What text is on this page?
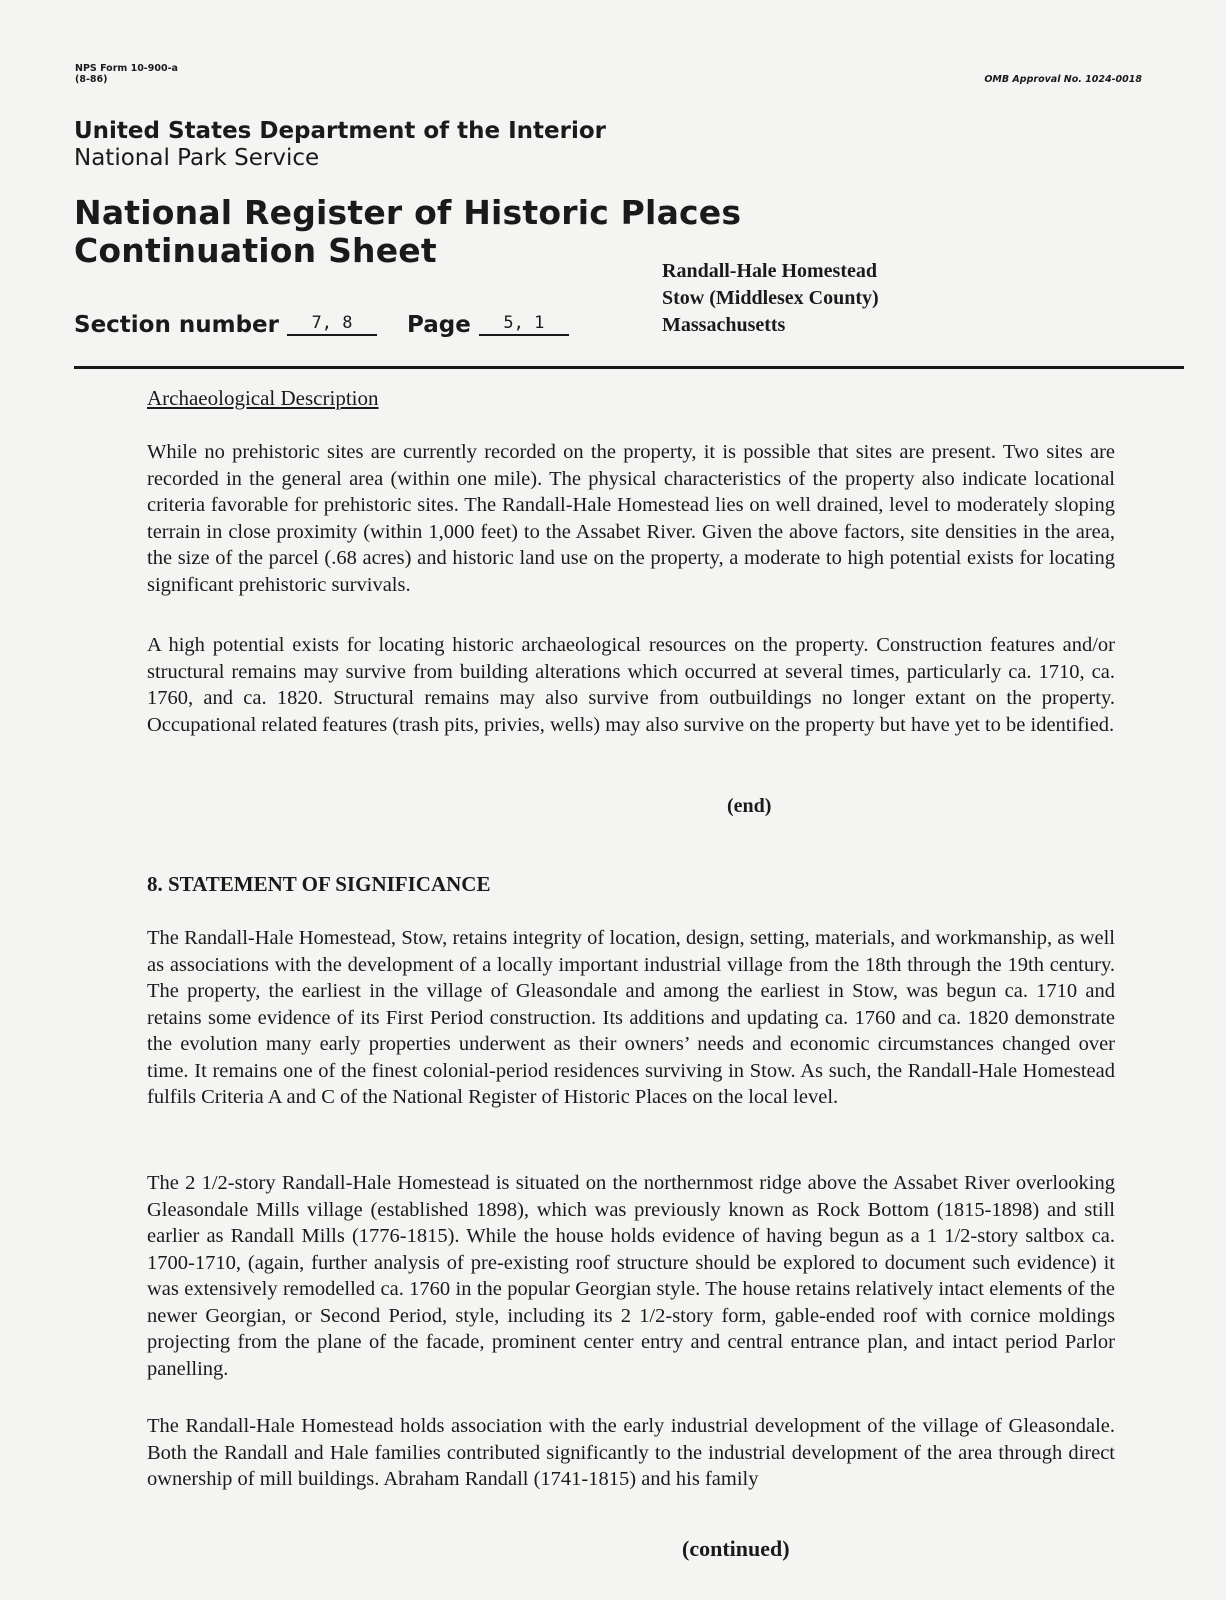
NPS Form 10-900-a
(8-86)	OMB Approval No. 1024-0018
United States Department of the Interior
National Park Service
National Register of Historic Places
Continuation Sheet
Randall-Hale Homestead
Stow (Middlesex County)
Massachusetts
Section number 7, 8 Page 5, 1
Archaeological Description

While no prehistoric sites are currently recorded on the property, it is possible that sites are present. Two sites are recorded in the general area (within one mile). The physical characteristics of the property also indicate locational criteria favorable for prehistoric sites. The Randall-Hale Homestead lies on well drained, level to moderately sloping terrain in close proximity (within 1,000 feet) to the Assabet River. Given the above factors, site densities in the area, the size of the parcel (.68 acres) and historic land use on the property, a moderate to high potential exists for locating significant prehistoric survivals.

A high potential exists for locating historic archaeological resources on the property. Construction features and/or structural remains may survive from building alterations which occurred at several times, particularly ca. 1710, ca. 1760, and ca. 1820. Structural remains may also survive from outbuildings no longer extant on the property. Occupational related features (trash pits, privies, wells) may also survive on the property but have yet to be identified.

(end)
8. STATEMENT OF SIGNIFICANCE

The Randall-Hale Homestead, Stow, retains integrity of location, design, setting, materials, and workmanship, as well as associations with the development of a locally important industrial village from the 18th through the 19th century. The property, the earliest in the village of Gleasondale and among the earliest in Stow, was begun ca. 1710 and retains some evidence of its First Period construction. Its additions and updating ca. 1760 and ca. 1820 demonstrate the evolution many early properties underwent as their owners’ needs and economic circumstances changed over time. It remains one of the finest colonial-period residences surviving in Stow. As such, the Randall-Hale Homestead fulfils Criteria A and C of the National Register of Historic Places on the local level.

The 2 1/2-story Randall-Hale Homestead is situated on the northernmost ridge above the Assabet River overlooking Gleasondale Mills village (established 1898), which was previously known as Rock Bottom (1815-1898) and still earlier as Randall Mills (1776-1815). While the house holds evidence of having begun as a 1 1/2-story saltbox ca. 1700-1710, (again, further analysis of pre-existing roof structure should be explored to document such evidence) it was extensively remodelled ca. 1760 in the popular Georgian style. The house retains relatively intact elements of the newer Georgian, or Second Period, style, including its 2 1/2-story form, gable-ended roof with cornice moldings projecting from the plane of the facade, prominent center entry and central entrance plan, and intact period Parlor panelling.

The Randall-Hale Homestead holds association with the early industrial development of the village of Gleasondale. Both the Randall and Hale families contributed significantly to the industrial development of the area through direct ownership of mill buildings. Abraham Randall (1741-1815) and his family

(continued)
